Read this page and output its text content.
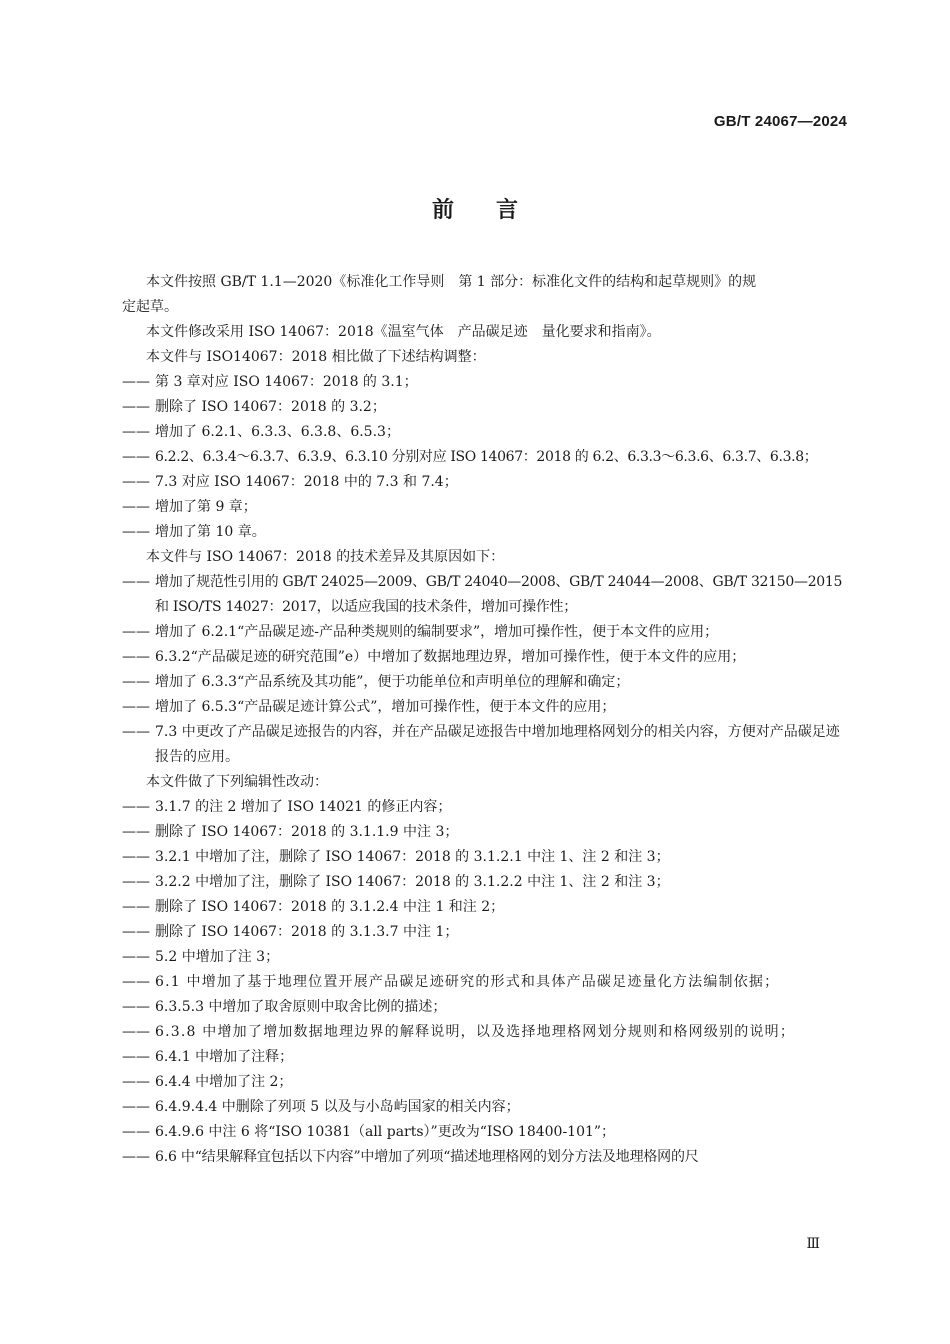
GB/T 24067—2024
前言
本文件按照 GB/T 1.1—2020《标准化工作导则　第 1 部分：标准化文件的结构和起草规则》的规
定起草。
本文件修改采用 ISO 14067：2018《温室气体　产品碳足迹　量化要求和指南》。
本文件与 ISO14067：2018 相比做了下述结构调整：
—— 第 3 章对应 ISO 14067：2018 的 3.1；
—— 删除了 ISO 14067：2018 的 3.2；
—— 增加了 6.2.1、6.3.3、6.3.8、6.5.3；
—— 6.2.2、6.3.4～6.3.7、6.3.9、6.3.10 分别对应 ISO 14067：2018 的 6.2、6.3.3～6.3.6、6.3.7、6.3.8；
—— 7.3 对应 ISO 14067：2018 中的 7.3 和 7.4；
—— 增加了第 9 章；
—— 增加了第 10 章。
本文件与 ISO 14067：2018 的技术差异及其原因如下：
—— 增加了规范性引用的 GB/T 24025—2009、GB/T 24040—2008、GB/T 24044—2008、GB/T 32150—2015 和 ISO/TS 14027：2017，以适应我国的技术条件，增加可操作性；
—— 增加了 6.2.1“产品碳足迹-产品种类规则的编制要求”，增加可操作性，便于本文件的应用；
—— 6.3.2“产品碳足迹的研究范围”e）中增加了数据地理边界，增加可操作性，便于本文件的应用；
—— 增加了 6.3.3“产品系统及其功能”，便于功能单位和声明单位的理解和确定；
—— 增加了 6.5.3“产品碳足迹计算公式”，增加可操作性，便于本文件的应用；
—— 7.3 中更改了产品碳足迹报告的内容，并在产品碳足迹报告中增加地理格网划分的相关内容，方便对产品碳足迹报告的应用。
本文件做了下列编辑性改动：
—— 3.1.7 的注 2 增加了 ISO 14021 的修正内容；
—— 删除了 ISO 14067：2018 的 3.1.1.9 中注 3；
—— 3.2.1 中增加了注，删除了 ISO 14067：2018 的 3.1.2.1 中注 1、注 2 和注 3；
—— 3.2.2 中增加了注，删除了 ISO 14067：2018 的 3.1.2.2 中注 1、注 2 和注 3；
—— 删除了 ISO 14067：2018 的 3.1.2.4 中注 1 和注 2；
—— 删除了 ISO 14067：2018 的 3.1.3.7 中注 1；
—— 5.2 中增加了注 3；
—— 6.1 中增加了基于地理位置开展产品碳足迹研究的形式和具体产品碳足迹量化方法编制依据；
—— 6.3.5.3 中增加了取舍原则中取舍比例的描述；
—— 6.3.8 中增加了增加数据地理边界的解释说明，以及选择地理格网划分规则和格网级别的说明；
—— 6.4.1 中增加了注释；
—— 6.4.4 中增加了注 2；
—— 6.4.9.4.4 中删除了列项 5 以及与小岛屿国家的相关内容；
—— 6.4.9.6 中注 6 将“ISO 10381（all parts）”更改为“ISO 18400-101”；
—— 6.6 中“结果解释宜包括以下内容”中增加了列项“描述地理格网的划分方法及地理格网的尺
Ⅲ
